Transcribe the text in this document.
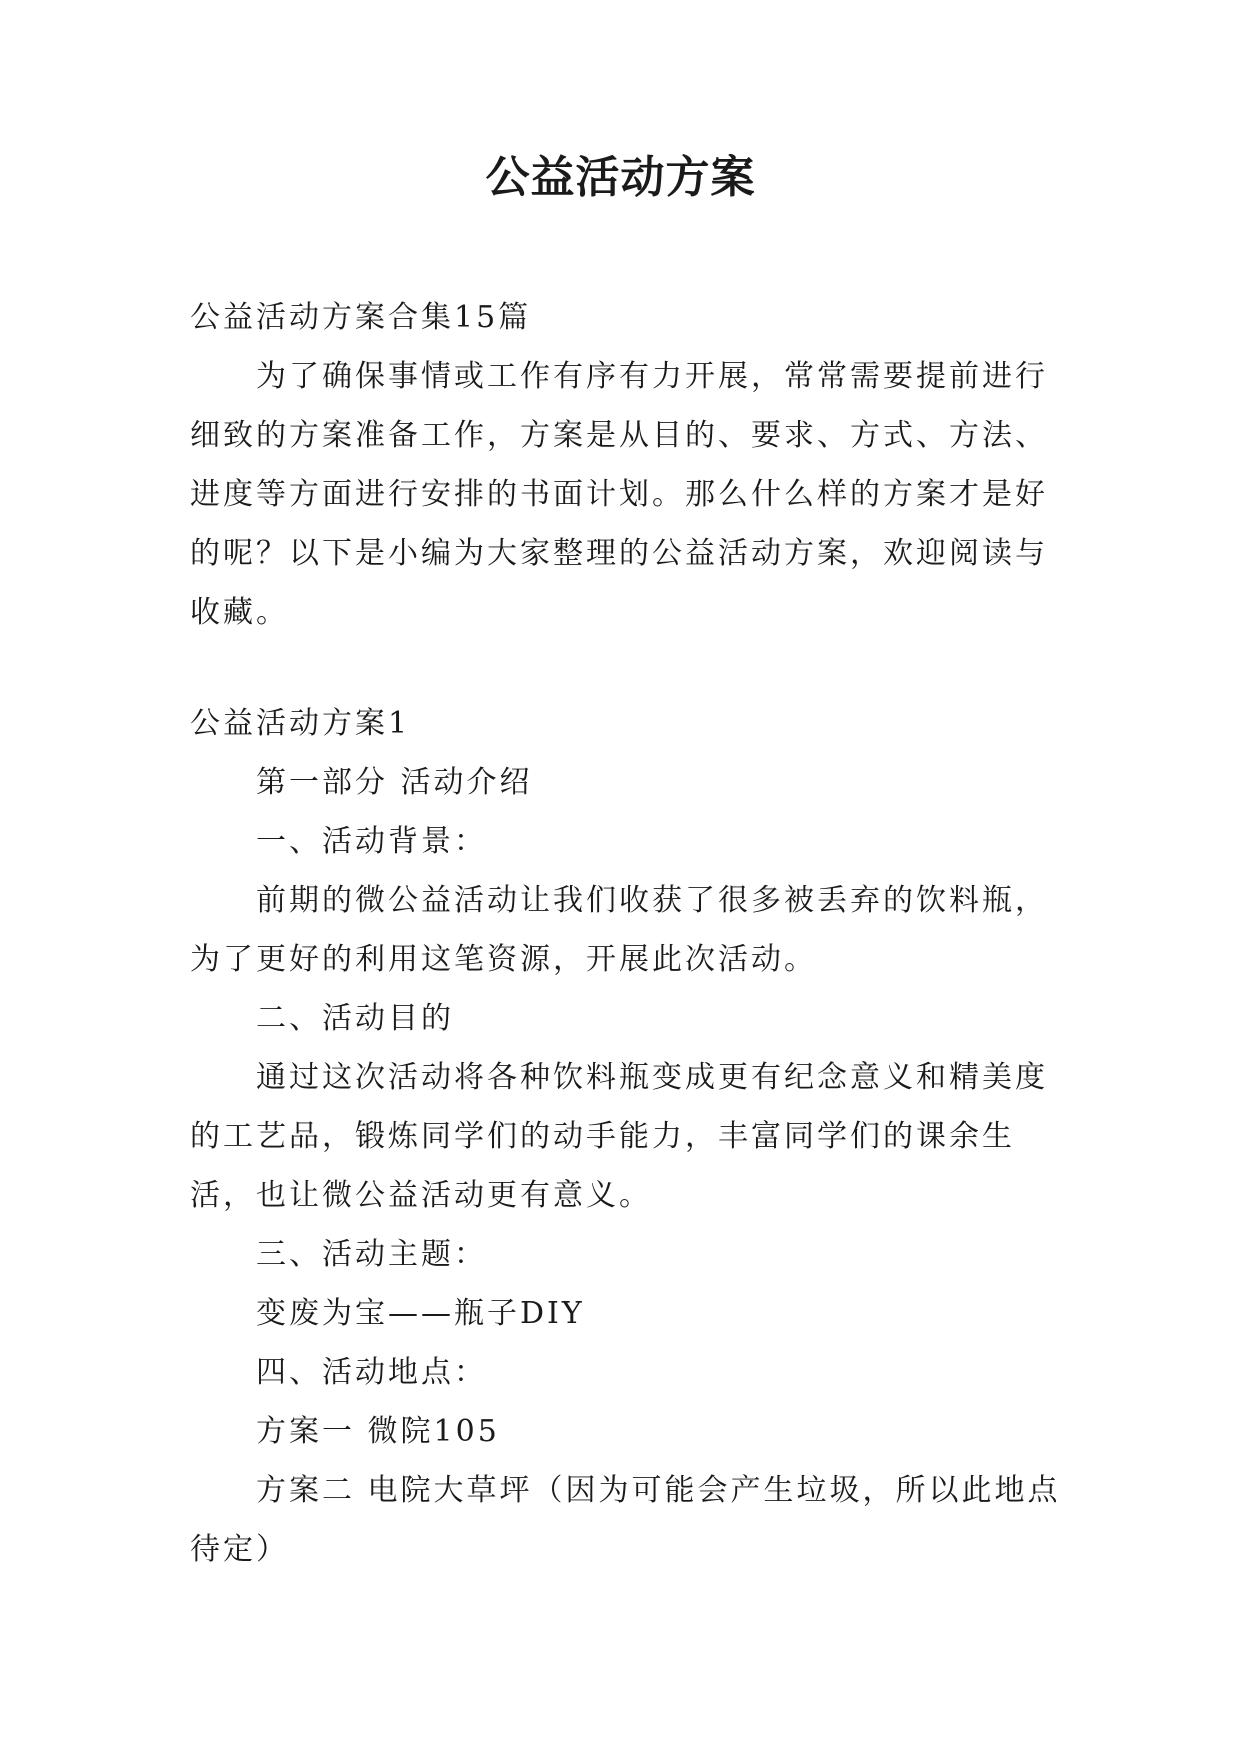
公益活动方案

公益活动方案合集15篇

为了确保事情或工作有序有力开展，常常需要提前进行细致的方案准备工作，方案是从目的、要求、方式、方法、进度等方面进行安排的书面计划。那么什么样的方案才是好的呢？以下是小编为大家整理的公益活动方案，欢迎阅读与收藏。

公益活动方案1

第一部分 活动介绍

一、活动背景：

前期的微公益活动让我们收获了很多被丢弃的饮料瓶，为了更好的利用这笔资源，开展此次活动。

二、活动目的

通过这次活动将各种饮料瓶变成更有纪念意义和精美度的工艺品，锻炼同学们的动手能力，丰富同学们的课余生活，也让微公益活动更有意义。

三、活动主题：

变废为宝——瓶子DIY

四、活动地点：

方案一 微院105

方案二 电院大草坪（因为可能会产生垃圾，所以此地点待定）
